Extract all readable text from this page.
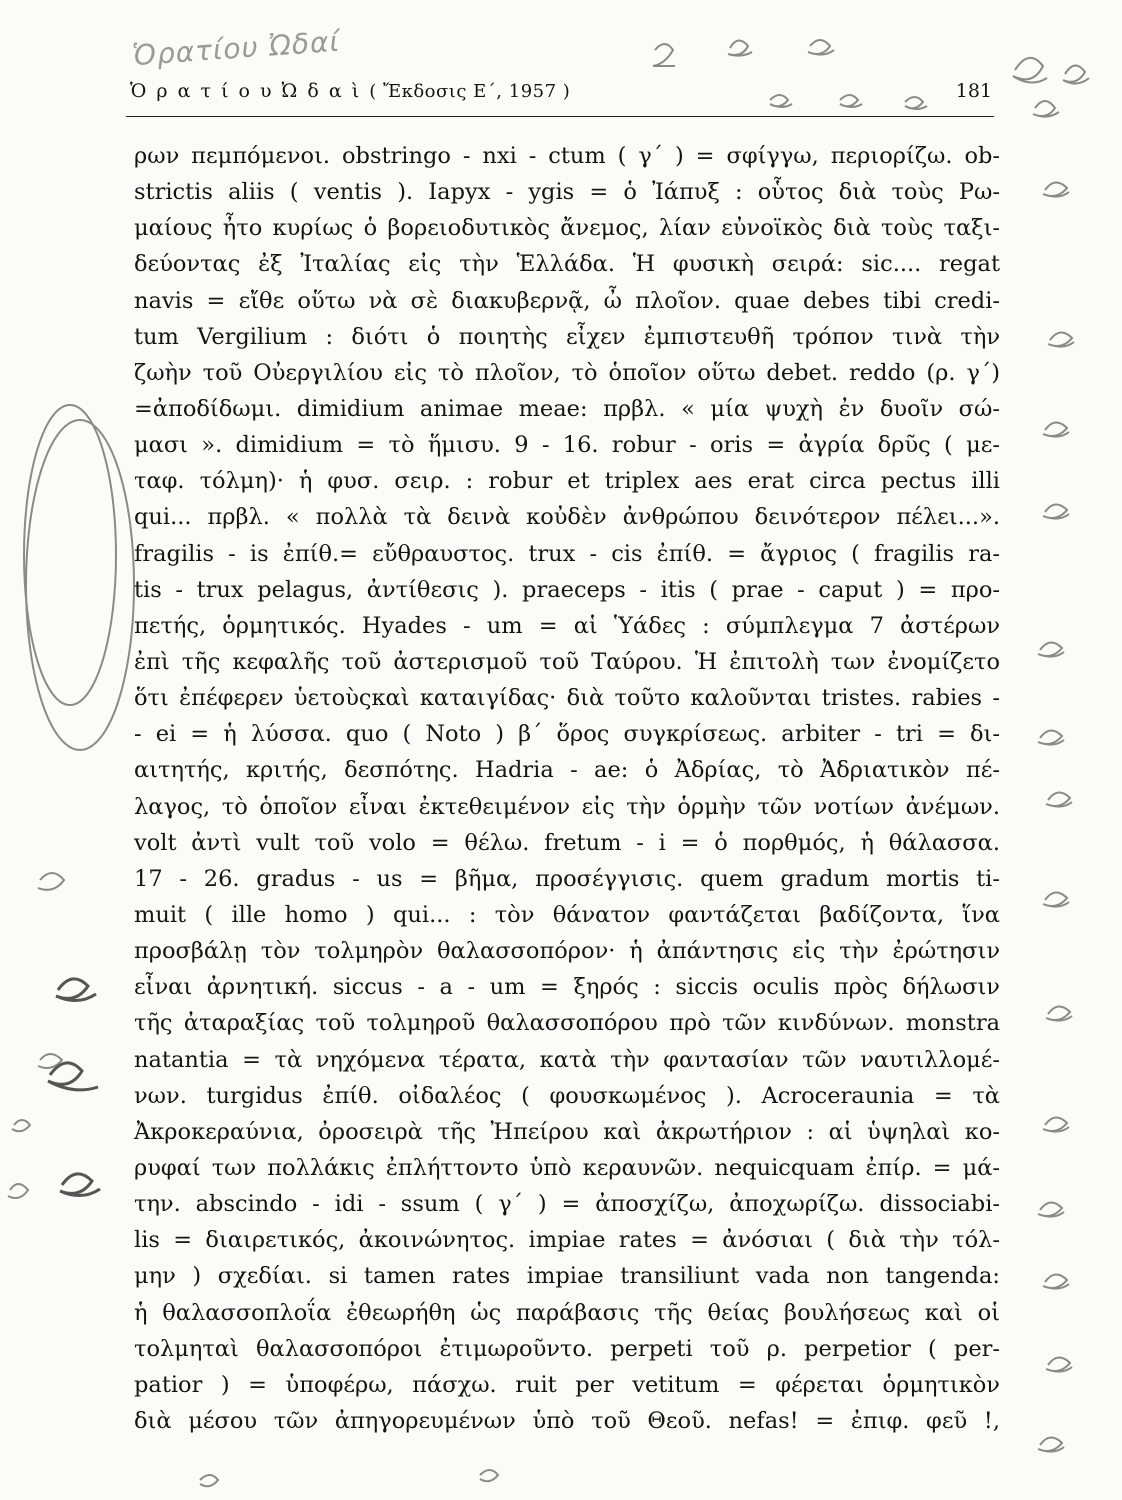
Ὁρατίου Ὠδαί
Ὁ ρ α τ ί ο υ Ὠ δ α ὶ ( Ἔκδοσις Ε΄, 1957 )	181
ρων πεμπόμενοι. obstringo - nxi - ctum ( γ΄ ) = σφίγγω, περιορίζω. ob-
strictis aliis ( ventis ). Iapyx - ygis = ὁ Ἰάπυξ : οὗτος διὰ τοὺς Ρω-
μαίους ἦτο κυρίως ὁ βορειοδυτικὸς ἄνεμος, λίαν εὐνοϊκὸς διὰ τοὺς ταξι-
δεύοντας ἐξ Ἰταλίας εἰς τὴν Ἑλλάδα. Ἡ φυσικὴ σειρά: sic.... regat
navis = εἴθε οὕτω νὰ σὲ διακυβερνᾷ, ὦ πλοῖον. quae debes tibi credi-
tum Vergilium : διότι ὁ ποιητὴς εἶχεν ἐμπιστευθῆ τρόπον τινὰ τὴν
ζωὴν τοῦ Οὐεργιλίου εἰς τὸ πλοῖον, τὸ ὁποῖον οὕτω debet. reddo (ρ. γ΄)
=ἀποδίδωμι. dimidium animae meae: πρβλ. « μία ψυχὴ ἐν δυοῖν σώ-
μασι ». dimidium = τὸ ἥμισυ. 9 - 16. robur - oris = ἀγρία δρῦς ( με-
ταφ. τόλμη)· ἡ φυσ. σειρ. : robur et triplex aes erat circa pectus illi
qui... πρβλ. « πολλὰ τὰ δεινὰ κοὐδὲν ἀνθρώπου δεινότερον πέλει...».
fragilis - is ἐπίθ.= εὔθραυστος. trux - cis ἐπίθ. = ἄγριος ( fragilis ra-
tis - trux pelagus, ἀντίθεσις ). praeceps - itis ( prae - caput ) = προ-
πετής, ὁρμητικός. Hyades - um = αἱ Ὑάδες : σύμπλεγμα 7 ἀστέρων
ἐπὶ τῆς κεφαλῆς τοῦ ἀστερισμοῦ τοῦ Ταύρου. Ἡ ἐπιτολὴ των ἐνομίζετο
ὅτι ἐπέφερεν ὑετοὺςκαὶ καταιγίδας· διὰ τοῦτο καλοῦνται tristes. rabies -
- ei = ἡ λύσσα. quo ( Noto ) β΄ ὅρος συγκρίσεως. arbiter - tri = δι-
αιτητής, κριτής, δεσπότης. Hadria - ae: ὁ Ἀδρίας, τὸ Ἀδριατικὸν πέ-
λαγος, τὸ ὁποῖον εἶναι ἐκτεθειμένον εἰς τὴν ὁρμὴν τῶν νοτίων ἀνέμων.
volt ἀντὶ vult τοῦ volo = θέλω. fretum - i = ὁ πορθμός, ἡ θάλασσα.
17 - 26. gradus - us = βῆμα, προσέγγισις. quem gradum mortis ti-
muit ( ille homo ) qui... : τὸν θάνατον φαντάζεται βαδίζοντα, ἵνα
προσβάλῃ τὸν τολμηρὸν θαλασσοπόρον· ἡ ἀπάντησις εἰς τὴν ἐρώτησιν
εἶναι ἀρνητική. siccus - a - um = ξηρός : siccis oculis πρὸς δήλωσιν
τῆς ἀταραξίας τοῦ τολμηροῦ θαλασσοπόρου πρὸ τῶν κινδύνων. monstra
natantia = τὰ νηχόμενα τέρατα, κατὰ τὴν φαντασίαν τῶν ναυτιλλομέ-
νων. turgidus ἐπίθ. οἰδαλέος ( φουσκωμένος ). Acroceraunia = τὰ
Ἀκροκεραύνια, ὀροσειρὰ τῆς Ἠπείρου καὶ ἀκρωτήριον : αἱ ὑψηλαὶ κο-
ρυφαί των πολλάκις ἐπλήττοντο ὑπὸ κεραυνῶν. nequicquam ἐπίρ. = μά-
την. abscindo - idi - ssum ( γ΄ ) = ἀποσχίζω, ἀποχωρίζω. dissociabi-
lis = διαιρετικός, ἀκοινώνητος. impiae rates = ἀνόσιαι ( διὰ τὴν τόλ-
μην ) σχεδίαι. si tamen rates impiae transiliunt vada non tangenda:
ἡ θαλασσοπλοΐα ἐθεωρήθη ὡς παράβασις τῆς θείας βουλήσεως καὶ οἱ
τολμηταὶ θαλασσοπόροι ἐτιμωροῦντο. perpeti τοῦ ρ. perpetior ( per-
patior ) = ὑποφέρω, πάσχω. ruit per vetitum = φέρεται ὁρμητικὸν
διὰ μέσου τῶν ἀπηγορευμένων ὑπὸ τοῦ Θεοῦ. nefas! = ἐπιφ. φεῦ !,
